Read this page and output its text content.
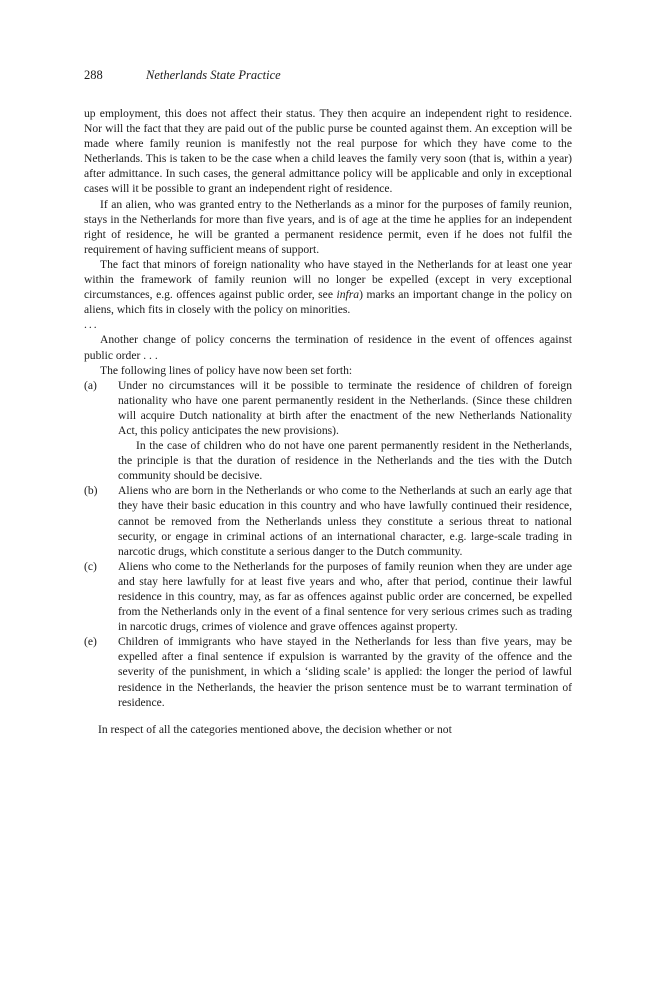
288	Netherlands State Practice

up employment, this does not affect their status. They then acquire an independent right to residence. Nor will the fact that they are paid out of the public purse be counted against them. An exception will be made where family reunion is manifestly not the real purpose for which they have come to the Netherlands. This is taken to be the case when a child leaves the family very soon (that is, within a year) after admittance. In such cases, the general admittance policy will be applicable and only in exceptional cases will it be possible to grant an independent right of residence.

If an alien, who was granted entry to the Netherlands as a minor for the purposes of family reunion, stays in the Netherlands for more than five years, and is of age at the time he applies for an independent right of residence, he will be granted a permanent residence permit, even if he does not fulfil the requirement of having sufficient means of support.

The fact that minors of foreign nationality who have stayed in the Netherlands for at least one year within the framework of family reunion will no longer be expelled (except in very exceptional circumstances, e.g. offences against public order, see infra) marks an important change in the policy on aliens, which fits in closely with the policy on minorities.

...

Another change of policy concerns the termination of residence in the event of offences against public order . . .

The following lines of policy have now been set forth:

(a) Under no circumstances will it be possible to terminate the residence of children of foreign nationality who have one parent permanently resident in the Netherlands. (Since these children will acquire Dutch nationality at birth after the enactment of the new Netherlands Nationality Act, this policy anticipates the new provisions).

In the case of children who do not have one parent permanently resident in the Netherlands, the principle is that the duration of residence in the Netherlands and the ties with the Dutch community should be decisive.

(b) Aliens who are born in the Netherlands or who come to the Netherlands at such an early age that they have their basic education in this country and who have lawfully continued their residence, cannot be removed from the Netherlands unless they constitute a serious threat to national security, or engage in criminal actions of an international character, e.g. large-scale trading in narcotic drugs, which constitute a serious danger to the Dutch community.

(c) Aliens who come to the Netherlands for the purposes of family reunion when they are under age and stay here lawfully for at least five years and who, after that period, continue their lawful residence in this country, may, as far as offences against public order are concerned, be expelled from the Netherlands only in the event of a final sentence for very serious crimes such as trading in narcotic drugs, crimes of violence and grave offences against property.

(e) Children of immigrants who have stayed in the Netherlands for less than five years, may be expelled after a final sentence if expulsion is warranted by the gravity of the offence and the severity of the punishment, in which a ‘sliding scale’ is applied: the longer the period of lawful residence in the Netherlands, the heavier the prison sentence must be to warrant termination of residence.

In respect of all the categories mentioned above, the decision whether or not
